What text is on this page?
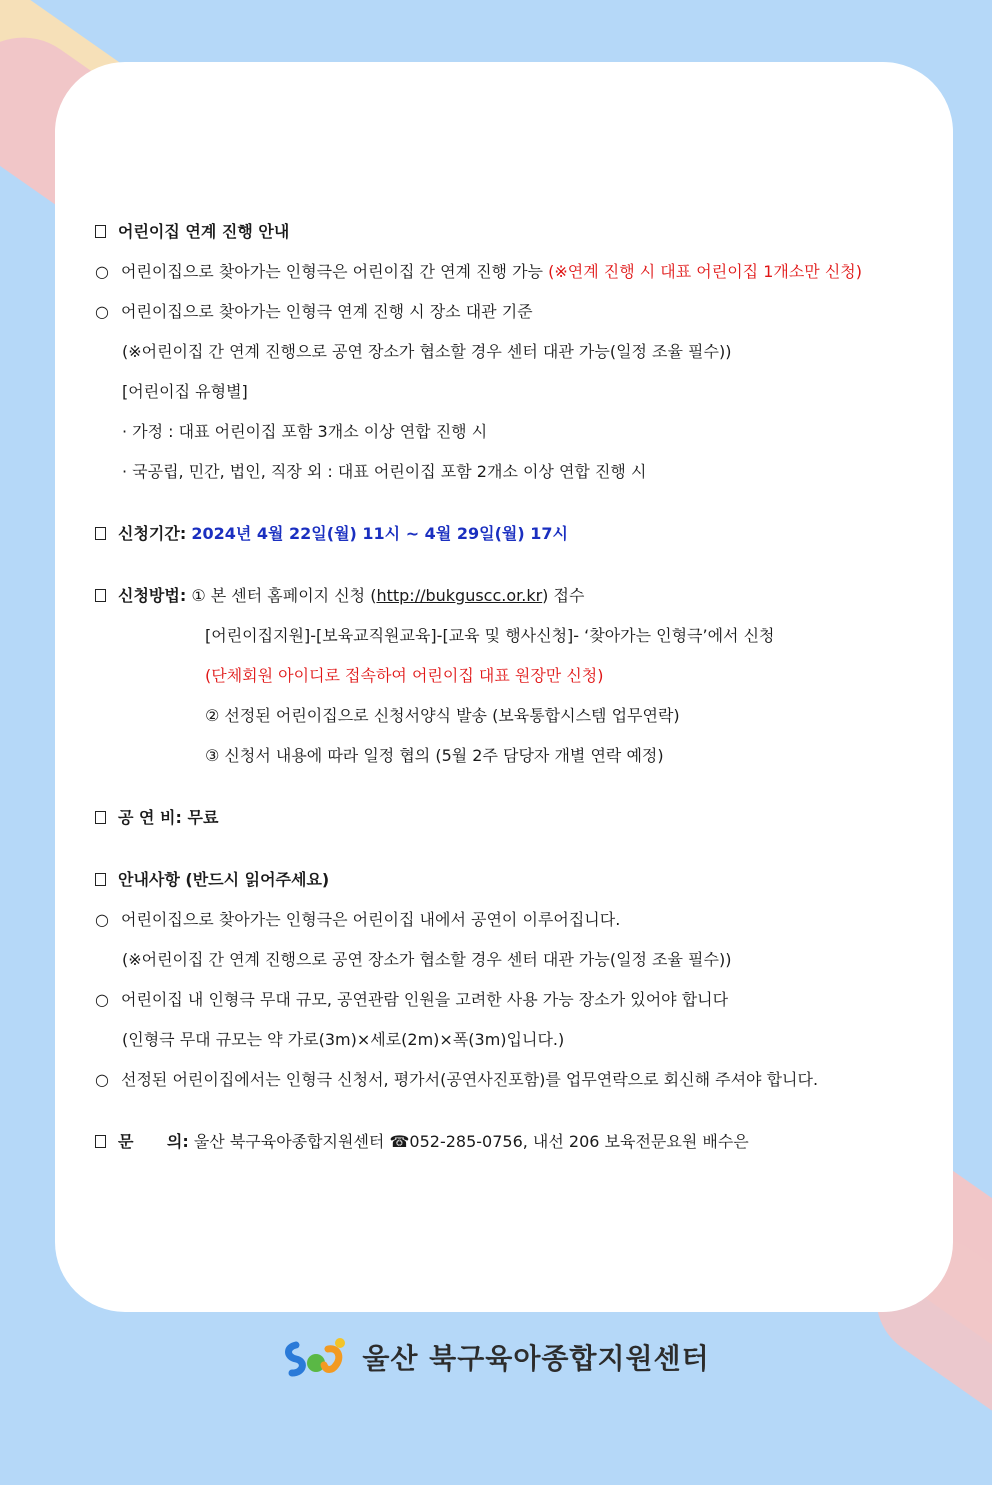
어린이집 연계 진행 안내
○ 어린이집으로 찾아가는 인형극은 어린이집 간 연계 진행 가능 (※연계 진행 시 대표 어린이집 1개소만 신청)
○ 어린이집으로 찾아가는 인형극 연계 진행 시 장소 대관 기준
(※어린이집 간 연계 진행으로 공연 장소가 협소할 경우 센터 대관 가능(일정 조율 필수))
[어린이집 유형별]
· 가정 : 대표 어린이집 포함 3개소 이상 연합 진행 시
· 국공립, 민간, 법인, 직장 외 : 대표 어린이집 포함 2개소 이상 연합 진행 시
신청기간: 2024년 4월 22일(월) 11시 ~ 4월 29일(월) 17시
신청방법: ① 본 센터 홈페이지 신청 (http://bukguscc.or.kr) 접수
[어린이집지원]-[보육교직원교육]-[교육 및 행사신청]- ‘찾아가는 인형극’에서 신청
(단체회원 아이디로 접속하여 어린이집 대표 원장만 신청)
② 선정된 어린이집으로 신청서양식 발송 (보육통합시스템 업무연락)
③ 신청서 내용에 따라 일정 협의 (5월 2주 담당자 개별 연락 예정)
공 연 비: 무료
안내사항 (반드시 읽어주세요)
○ 어린이집으로 찾아가는 인형극은 어린이집 내에서 공연이 이루어집니다.
(※어린이집 간 연계 진행으로 공연 장소가 협소할 경우 센터 대관 가능(일정 조율 필수))
○ 어린이집 내 인형극 무대 규모, 공연관람 인원을 고려한 사용 가능 장소가 있어야 합니다
(인형극 무대 규모는 약 가로(3m)×세로(2m)×폭(3m)입니다.)
○ 선정된 어린이집에서는 인형극 신청서, 평가서(공연사진포함)를 업무연락으로 회신해 주셔야 합니다.
문      의: 울산 북구육아종합지원센터 ☎052-285-0756, 내선 206 보육전문요원 배수은
울산 북구육아종합지원센터
